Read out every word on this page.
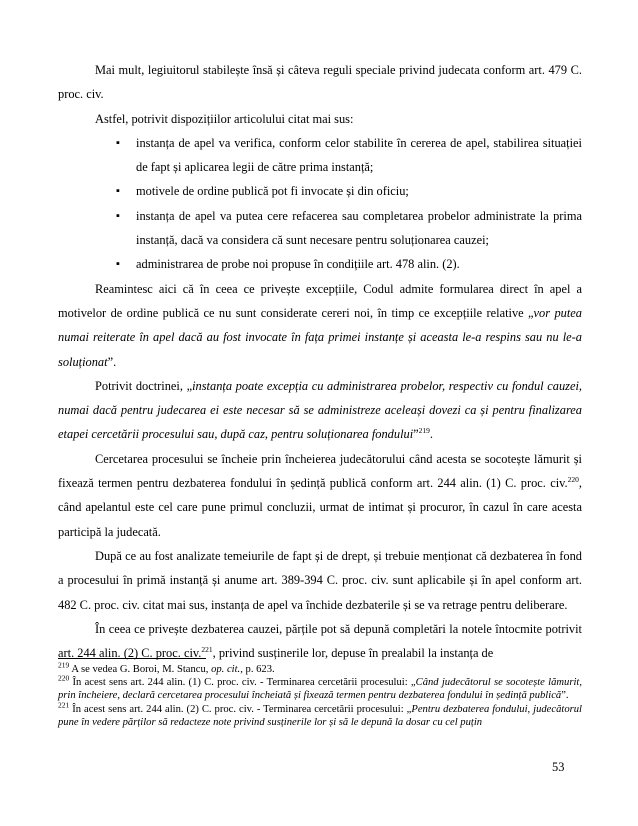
Mai mult, legiuitorul stabilește însă și câteva reguli speciale privind judecata conform art. 479 C. proc. civ.

Astfel, potrivit dispozițiilor articolului citat mai sus:

▪ instanța de apel va verifica, conform celor stabilite în cererea de apel, stabilirea situației de fapt și aplicarea legii de către prima instanță;
▪ motivele de ordine publică pot fi invocate și din oficiu;
▪ instanța de apel va putea cere refacerea sau completarea probelor administrate la prima instanță, dacă va considera că sunt necesare pentru soluționarea cauzei;
▪ administrarea de probe noi propuse în condițiile art. 478 alin. (2).

Reamintesc aici că în ceea ce privește excepțiile, Codul admite formularea direct în apel a motivelor de ordine publică ce nu sunt considerate cereri noi, în timp ce excepțiile relative „vor putea numai reiterate în apel dacă au fost invocate în fața primei instanțe și aceasta le-a respins sau nu le-a soluționat”.

Potrivit doctrinei, „instanța poate excepția cu administrarea probelor, respectiv cu fondul cauzei, numai dacă pentru judecarea ei este necesar să se administreze aceleași dovezi ca și pentru finalizarea etapei cercetării procesului sau, după caz, pentru soluționarea fondului”$^{219}$.

Cercetarea procesului se încheie prin încheierea judecătorului când acesta se socotește lămurit și fixează termen pentru dezbaterea fondului în ședință publică conform art. 244 alin. (1) C. proc. civ.$^{220}$, când apelantul este cel care pune primul concluzii, urmat de intimat și procuror, în cazul în care acesta participă la judecată.

După ce au fost analizate temeiurile de fapt și de drept, și trebuie menționat că dezbaterea în fond a procesului în primă instanță și anume art. 389-394 C. proc. civ. sunt aplicabile și în apel conform art. 482 C. proc. civ. citat mai sus, instanța de apel va închide dezbaterile și se va retrage pentru deliberare.

În ceea ce privește dezbaterea cauzei, părțile pot să depună completări la notele întocmite potrivit art. 244 alin. (2) C. proc. civ.$^{221}$, privind susținerile lor, depuse în prealabil la instanța de

$^{219}$ A se vedea G. Boroi, M. Stancu, op. cit., p. 623.

$^{220}$ În acest sens art. 244 alin. (1) C. proc. civ. - Terminarea cercetării procesului: „Când judecătorul se socotește lămurit, prin încheiere, declară cercetarea procesului încheiată și fixează termen pentru dezbaterea fondului în ședință publică”.

$^{221}$ În acest sens art. 244 alin. (2) C. proc. civ. - Terminarea cercetării procesului: „Pentru dezbaterea fondului, judecătorul pune în vedere părților să redacteze note privind susținerile lor și să le depună la dosar cu cel puțin

53
